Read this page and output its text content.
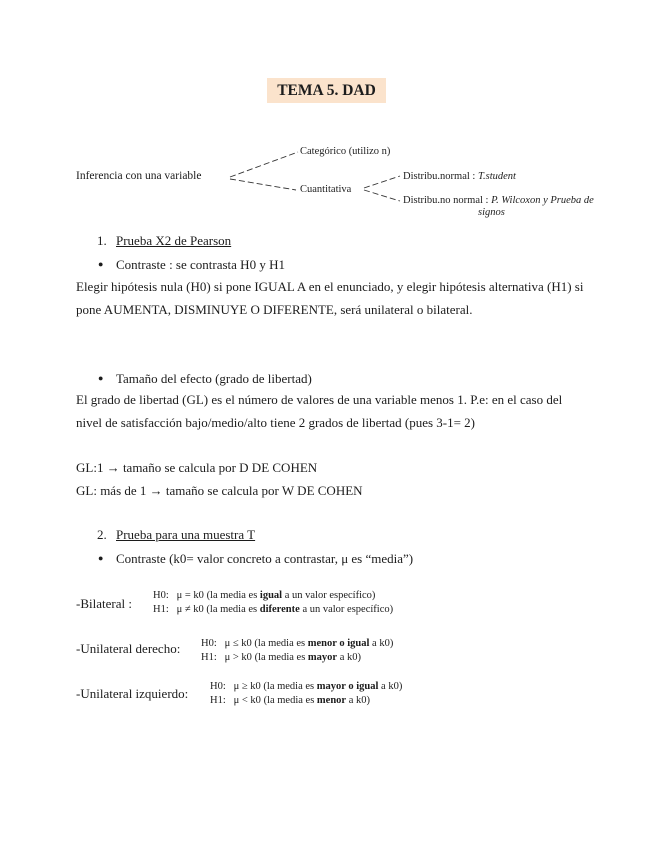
TEMA 5. DAD
Inferencia con una variable
Categórico (utilizo n)
Cuantitativa
Distribu.normal : T.student
Distribu.no normal : P. Wilcoxon y Prueba de
signos
1. Prueba X2 de Pearson
● Contraste : se contrasta H0 y H1
Elegir hipótesis nula (H0) si pone IGUAL A en el enunciado, y elegir hipótesis alternativa (H1) si pone AUMENTA, DISMINUYE O DIFERENTE, será unilateral o bilateral.
● Tamaño del efecto (grado de libertad)
El grado de libertad (GL) es el número de valores de una variable menos 1. P.e: en el caso del nivel de satisfacción bajo/medio/alto tiene 2 grados de libertad (pues 3-1= 2)
GL:1 → tamaño se calcula por D DE COHEN
GL: más de 1 → tamaño se calcula por W DE COHEN
2. Prueba para una muestra T
● Contraste (k0= valor concreto a contrastar, μ es “media”)
-Bilateral :
H0: μ = k0 (la media es igual a un valor específico)
H1: μ ≠ k0 (la media es diferente a un valor específico)
-Unilateral derecho: H0: μ ≤ k0 (la media es menor o igual a k0)
H1: μ > k0 (la media es mayor a k0)
-Unilateral izquierdo: H0: μ ≥ k0 (la media es mayor o igual a k0)
H1: μ < k0 (la media es menor a k0)
